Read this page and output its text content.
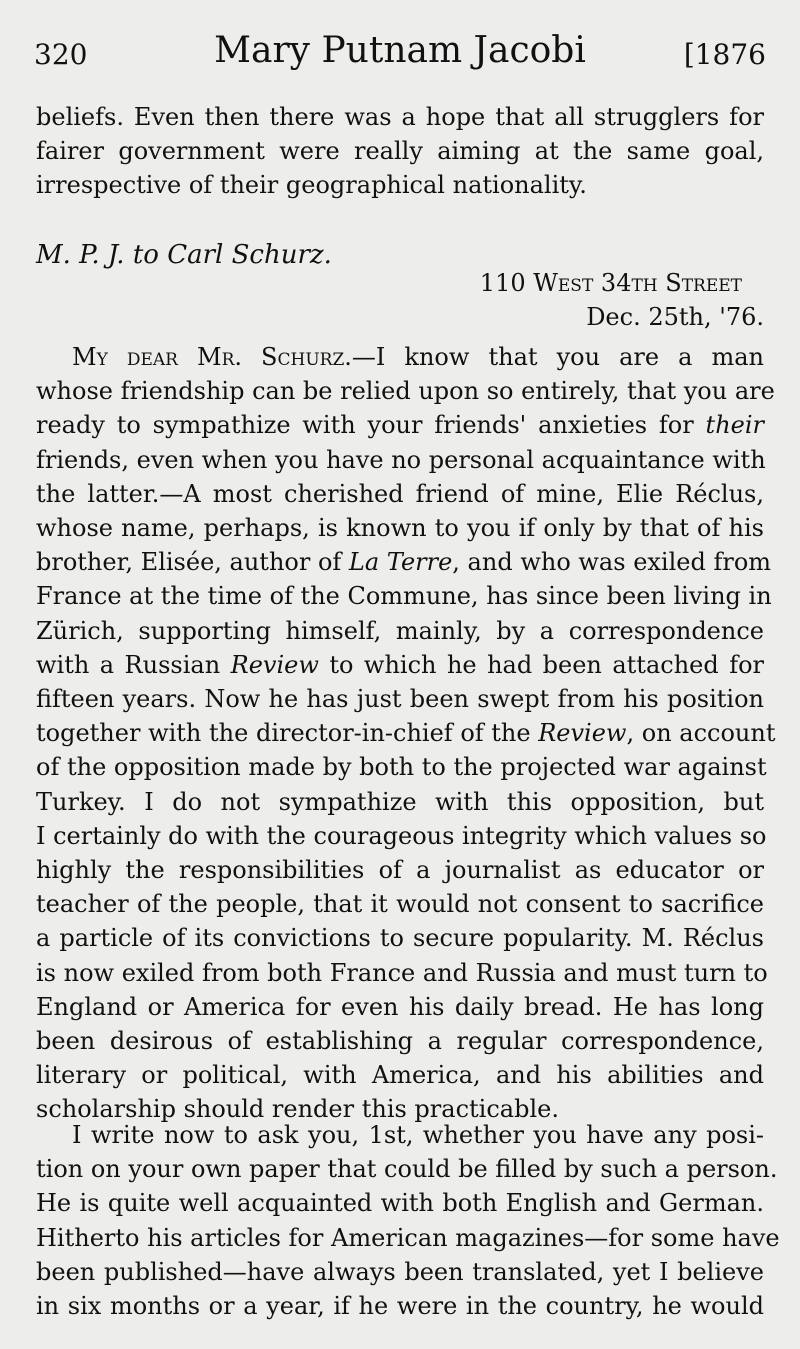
320	Mary Putnam Jacobi	[1876
beliefs. Even then there was a hope that all strugglers for
fairer government were really aiming at the same goal,
irrespective of their geographical nationality.
M. P. J. to Carl Schurz.
110 West 34th Street
Dec. 25th, '76.
My dear Mr. Schurz.—I know that you are a man
whose friendship can be relied upon so entirely, that you are
ready to sympathize with your friends' anxieties for their
friends, even when you have no personal acquaintance with
the latter.—A most cherished friend of mine, Elie Réclus,
whose name, perhaps, is known to you if only by that of his
brother, Elisée, author of La Terre, and who was exiled from
France at the time of the Commune, has since been living in
Zürich, supporting himself, mainly, by a correspondence
with a Russian Review to which he had been attached for
fifteen years. Now he has just been swept from his position
together with the director-in-chief of the Review, on account
of the opposition made by both to the projected war against
Turkey. I do not sympathize with this opposition, but
I certainly do with the courageous integrity which values so
highly the responsibilities of a journalist as educator or
teacher of the people, that it would not consent to sacrifice
a particle of its convictions to secure popularity. M. Réclus
is now exiled from both France and Russia and must turn to
England or America for even his daily bread. He has long
been desirous of establishing a regular correspondence,
literary or political, with America, and his abilities and
scholarship should render this practicable.
I write now to ask you, 1st, whether you have any posi-
tion on your own paper that could be filled by such a person.
He is quite well acquainted with both English and German.
Hitherto his articles for American magazines—for some have
been published—have always been translated, yet I believe
in six months or a year, if he were in the country, he would
